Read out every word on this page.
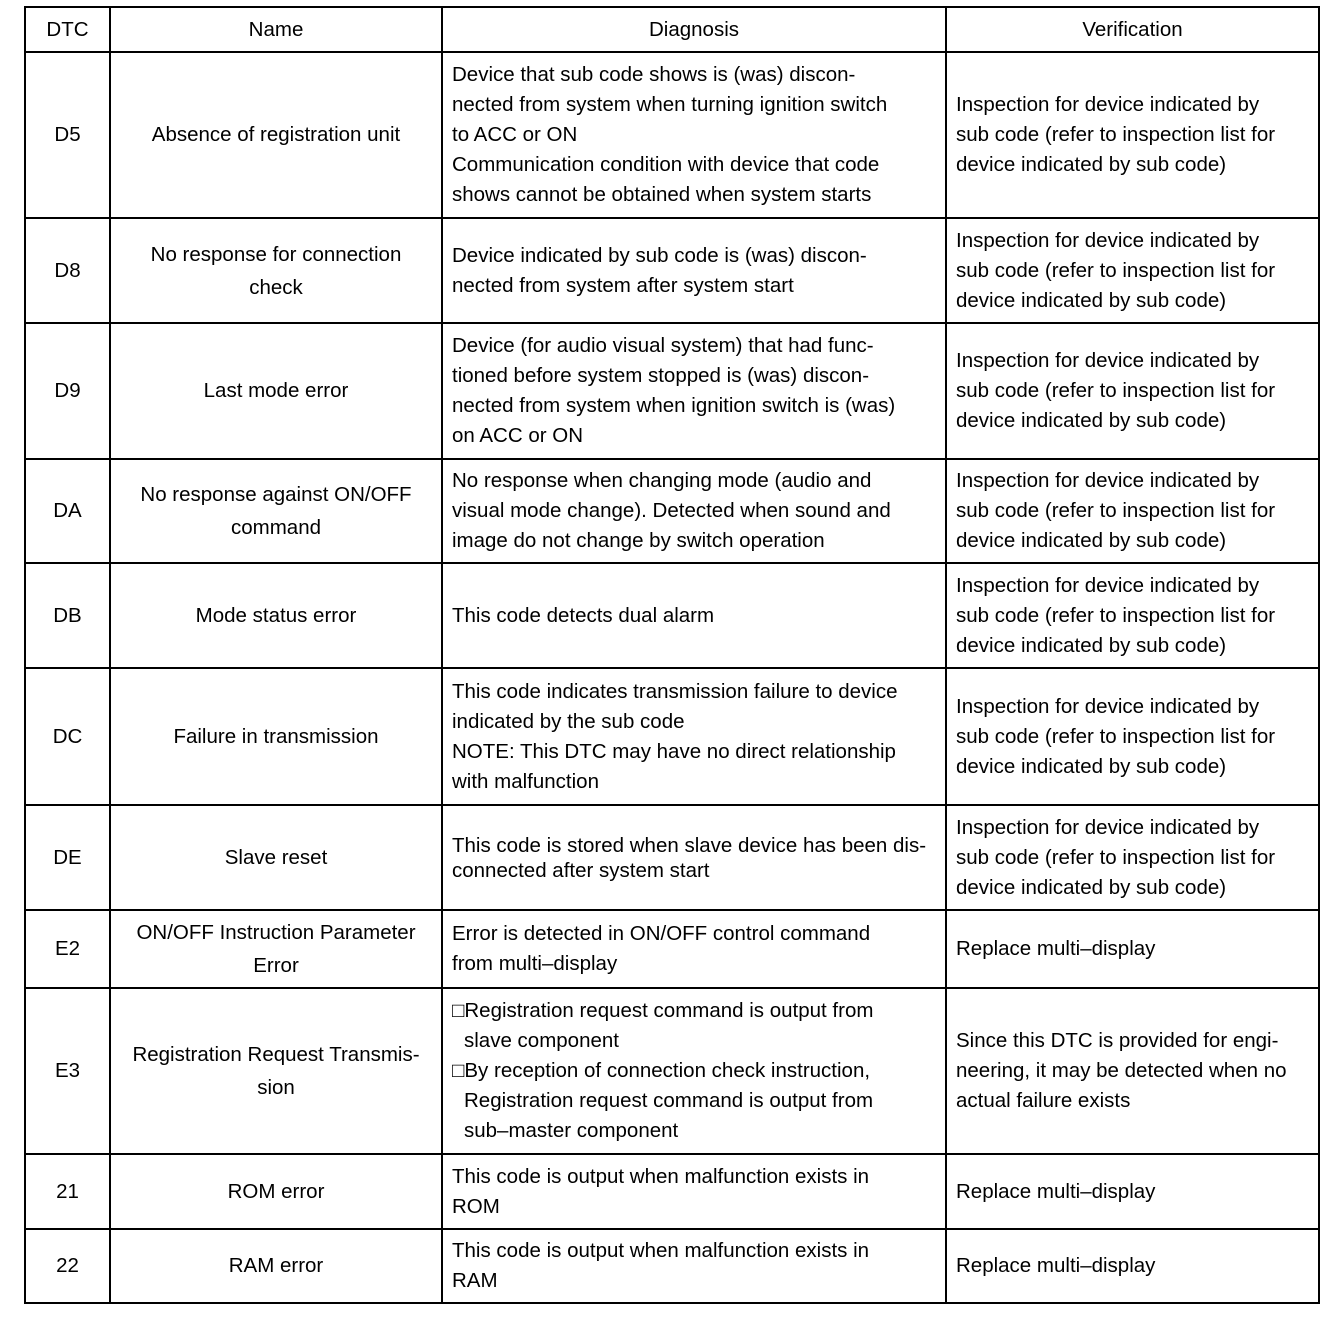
DTC	Name	Diagnosis	Verification
D5	Absence of registration unit	Device that sub code shows is (was) discon-
nected from system when turning ignition switch
to ACC or ON
Communication condition with device that code
shows cannot be obtained when system starts	Inspection for device indicated by
sub code (refer to inspection list for
device indicated by sub code)

D8	No response for connection
check	Device indicated by sub code is (was) discon-
nected from system after system start	Inspection for device indicated by
sub code (refer to inspection list for
device indicated by sub code)

D9	Last mode error	Device (for audio visual system) that had func-
tioned before system stopped is (was) discon-
nected from system when ignition switch is (was)
on ACC or ON	Inspection for device indicated by
sub code (refer to inspection list for
device indicated by sub code)

DA	No response against ON/OFF
command	No response when changing mode (audio and
visual mode change). Detected when sound and
image do not change by switch operation	Inspection for device indicated by
sub code (refer to inspection list for
device indicated by sub code)

DB	Mode status error	This code detects dual alarm	Inspection for device indicated by
sub code (refer to inspection list for
device indicated by sub code)

DC	Failure in transmission	This code indicates transmission failure to device
indicated by the sub code
NOTE: This DTC may have no direct relationship
with malfunction	Inspection for device indicated by
sub code (refer to inspection list for
device indicated by sub code)

DE	Slave reset	This code is stored when slave device has been dis-
connected after system start	Inspection for device indicated by
sub code (refer to inspection list for
device indicated by sub code)

E2	ON/OFF Instruction Parameter
Error	Error is detected in ON/OFF control command
from multi–display	Replace multi–display

E3	Registration Request Transmis-
sion	□Registration request command is output from
slave component
□By reception of connection check instruction,
Registration request command is output from
sub–master component	Since this DTC is provided for engi-
neering, it may be detected when no
actual failure exists

21	ROM error	This code is output when malfunction exists in
ROM	Replace multi–display

22	RAM error	This code is output when malfunction exists in
RAM	Replace multi–display
